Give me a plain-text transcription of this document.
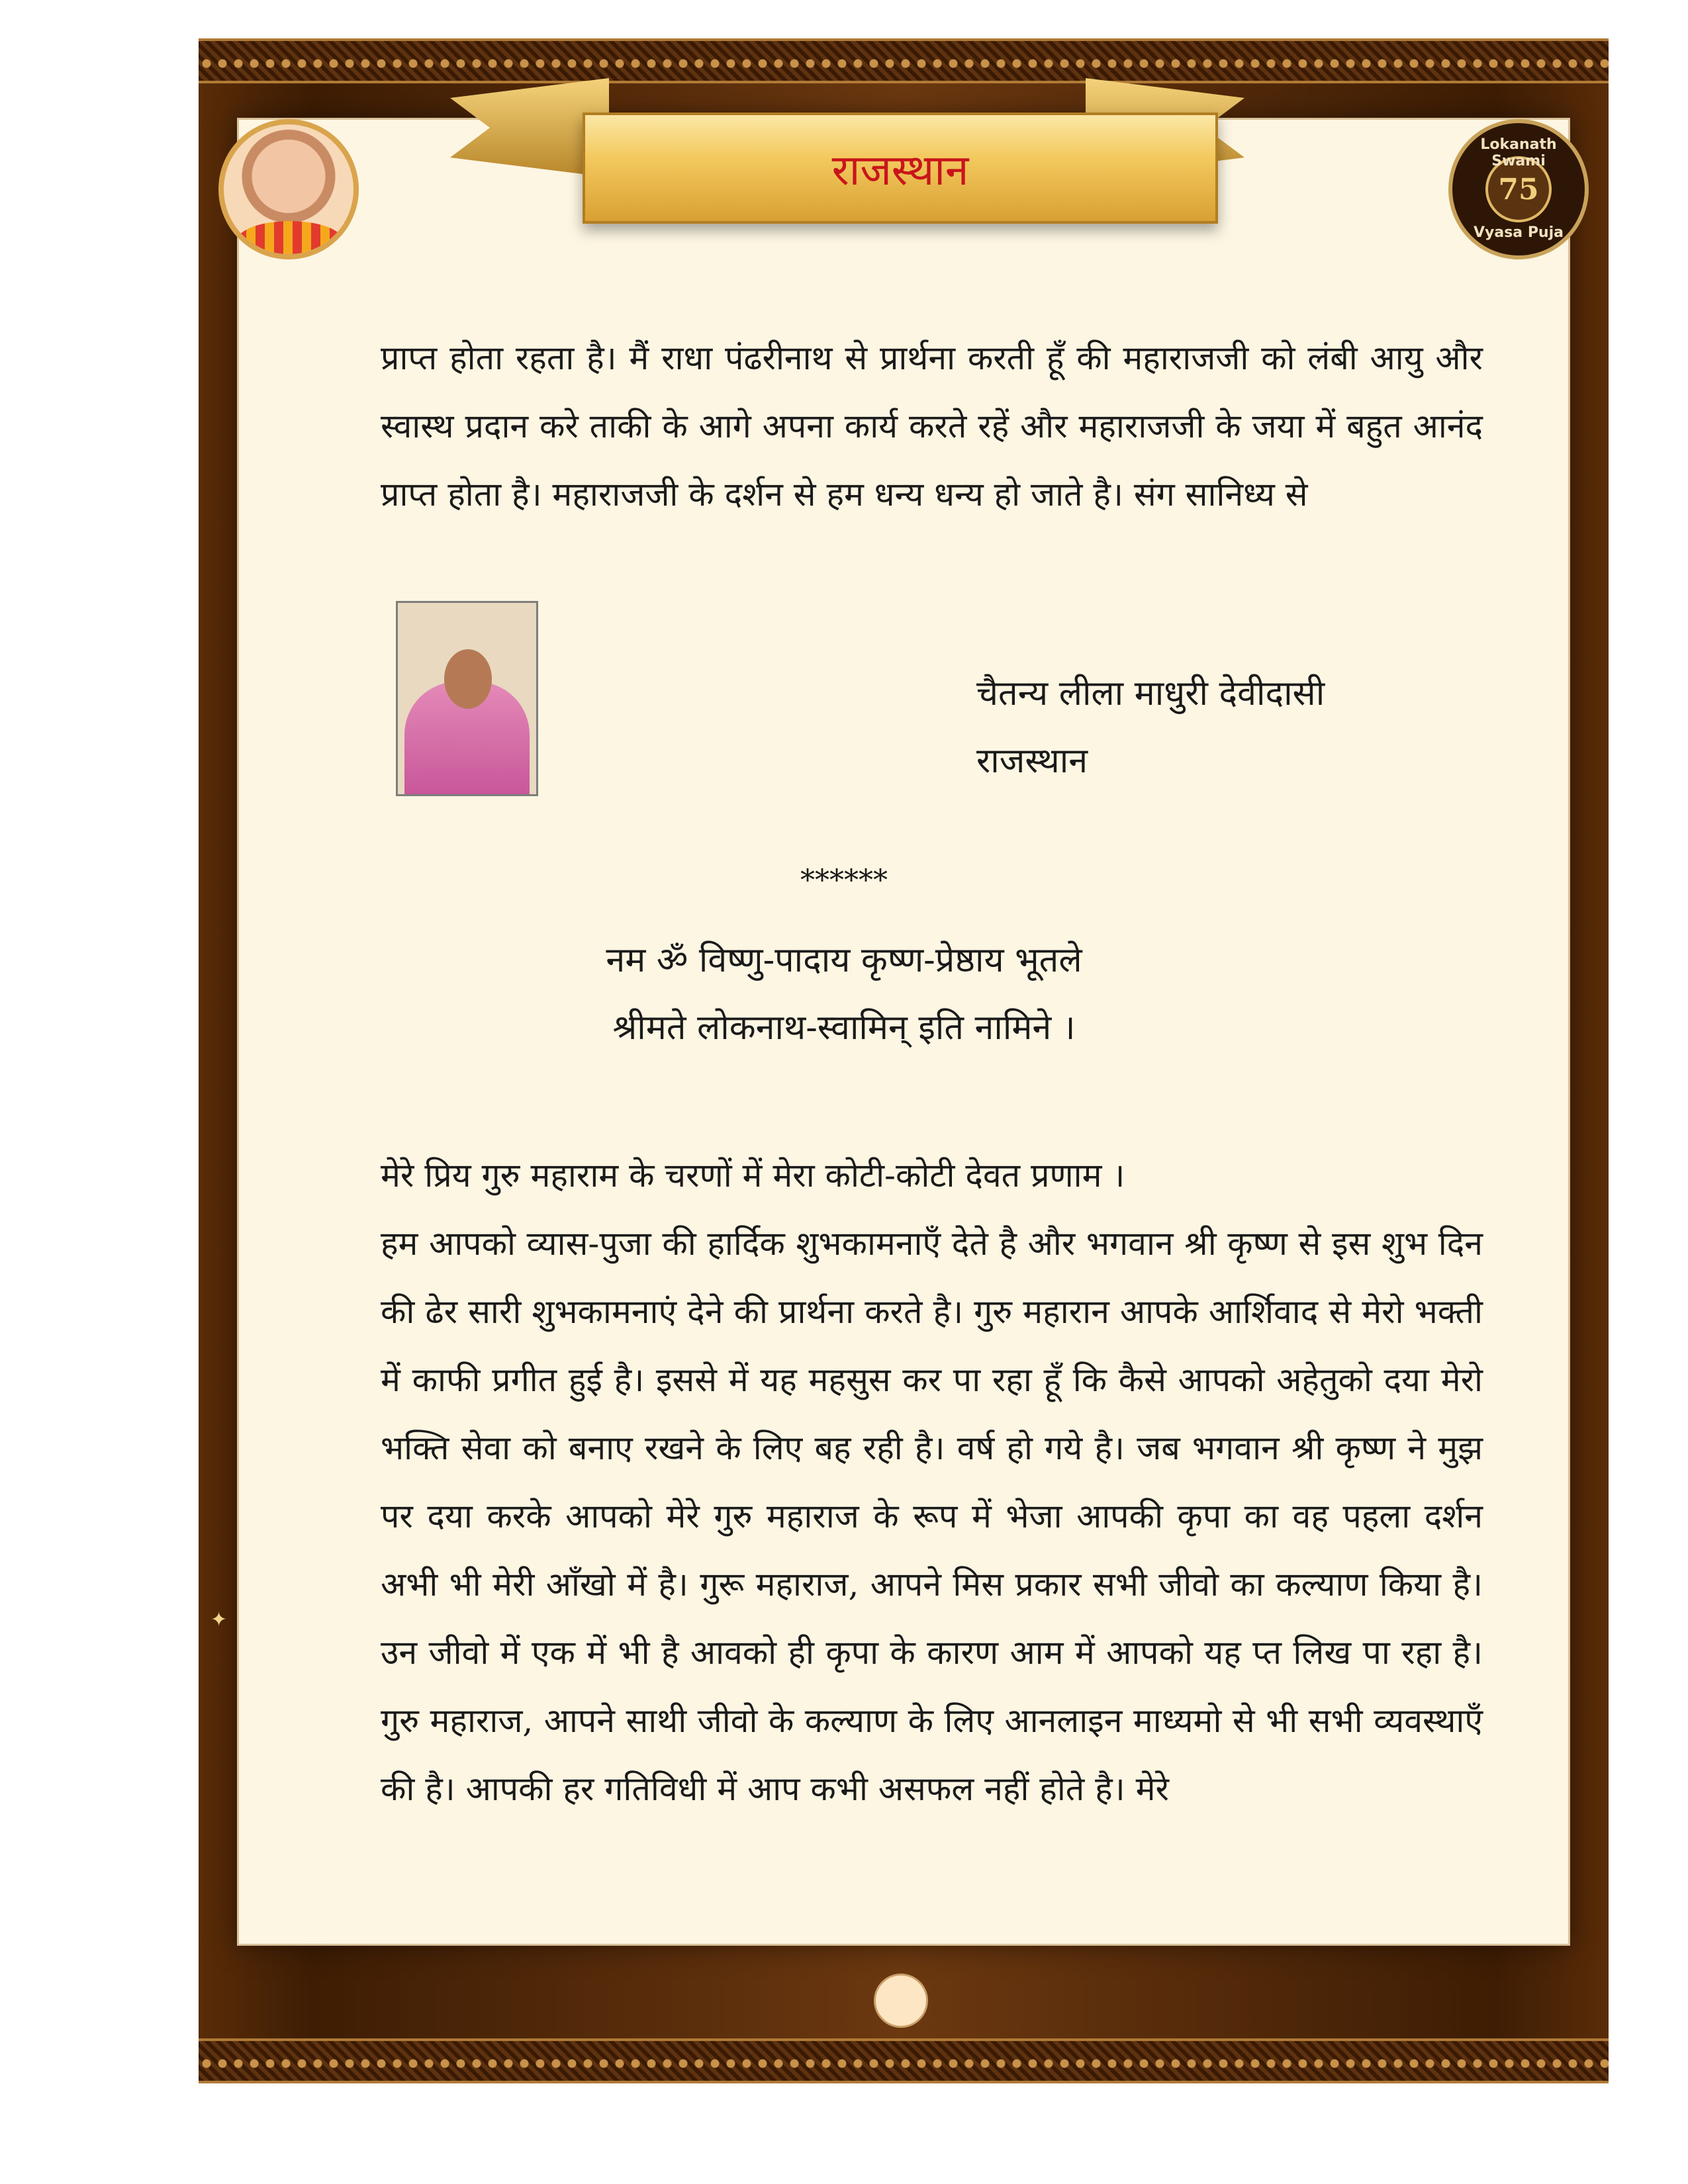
राजस्थान
Lokanath Swami
75
Vyasa Puja

प्राप्त होता रहता है। मैं राधा पंढरीनाथ से प्रार्थना करती हूँ की महाराजजी को लंबी आयु और स्वास्थ प्रदान करे ताकी के आगे अपना कार्य करते रहें और महाराजजी के जया में बहुत आनंद प्राप्त होता है। महाराजजी के दर्शन से हम धन्य धन्य हो जाते है। संग सानिध्य से

चैतन्य लीला माधुरी देवीदासी
राजस्थान
******
नम ॐ विष्णु-पादाय कृष्ण-प्रेष्ठाय भूतले
श्रीमते लोकनाथ-स्वामिन् इति नामिने ।
मेरे प्रिय गुरु महाराम के चरणों में मेरा कोटी-कोटी देवत प्रणाम ।

हम आपको व्यास-पुजा की हार्दिक शुभकामनाएँ देते है और भगवान श्री कृष्ण से इस शुभ दिन की ढेर सारी शुभकामनाएं देने की प्रार्थना करते है। गुरु महारान आपके आर्शिवाद से मेरो भक्ती में काफी प्रगीत हुई है। इससे में यह महसुस कर पा रहा हूँ कि कैसे आपको अहेतुको दया मेरो भक्ति सेवा को बनाए रखने के लिए बह रही है। वर्ष हो गये है। जब भगवान श्री कृष्ण ने मुझ पर दया करके आपको मेरे गुरु महाराज के रूप में भेजा आपकी कृपा का वह पहला दर्शन अभी भी मेरी आँखो में है। गुरू महाराज, आपने मिस प्रकार सभी जीवो का कल्याण किया है। उन जीवो में एक में भी है आवको ही कृपा के कारण आम में आपको यह प्त लिख पा रहा है। गुरु महाराज, आपने साथी जीवो के कल्याण के लिए आनलाइन माध्यमो से भी सभी व्यवस्थाएँ की है। आपकी हर गतिविधी में आप कभी असफल नहीं होते है। मेरे

✦
